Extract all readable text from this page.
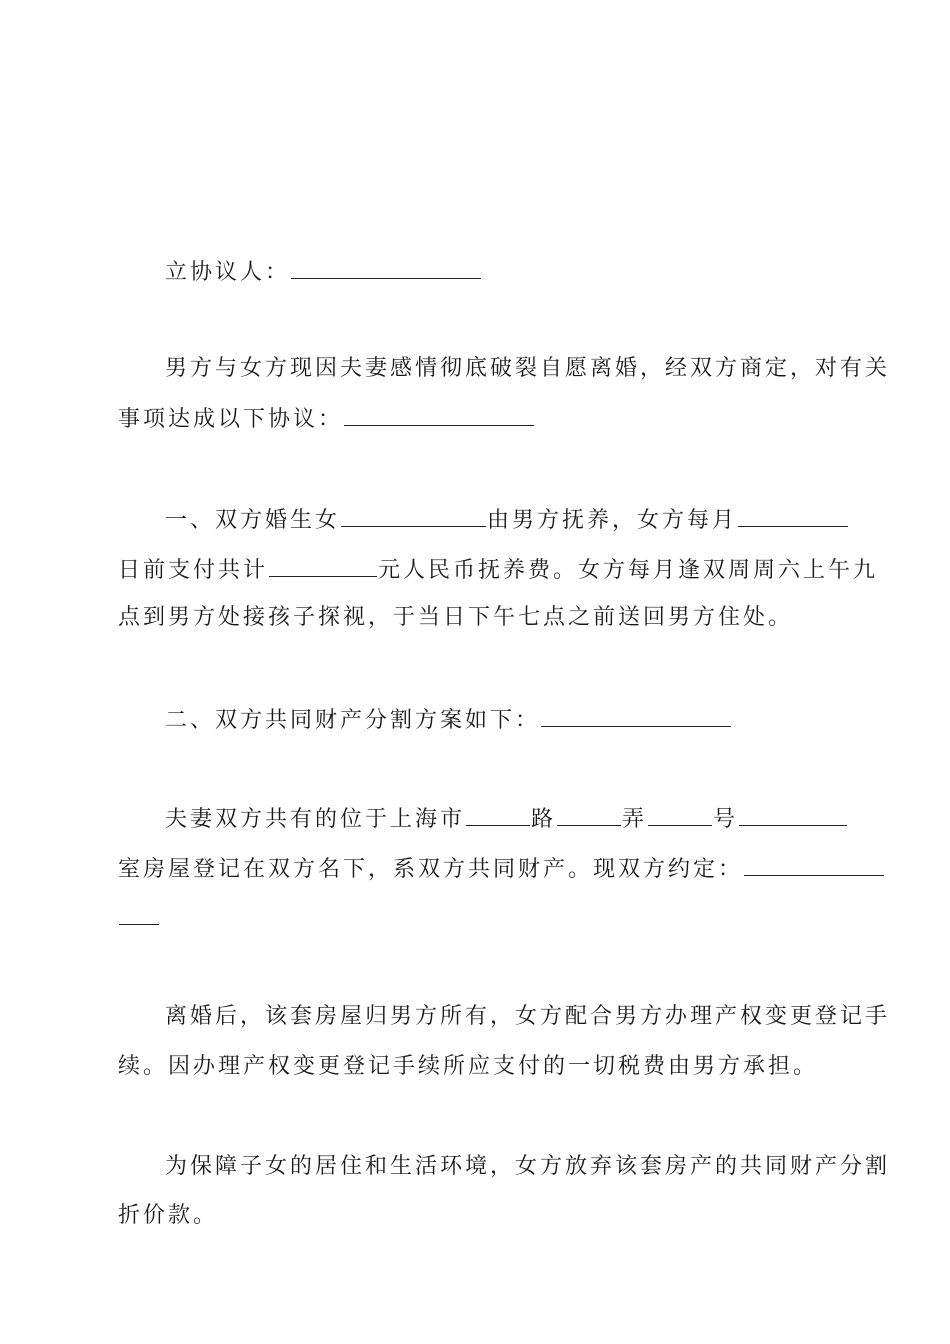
立协议人：
男方与女方现因夫妻感情彻底破裂自愿离婚，经双方商定，对有关
事项达成以下协议：
一、双方婚生女	由男方抚养，女方每月
日前支付共计	元人民币抚养费。女方每月逢双周周六上午九
点到男方处接孩子探视，于当日下午七点之前送回男方住处。
二、双方共同财产分割方案如下：
夫妻双方共有的位于上海市	路	弄	号
室房屋登记在双方名下，系双方共同财产。现双方约定：
离婚后，该套房屋归男方所有，女方配合男方办理产权变更登记手
续。因办理产权变更登记手续所应支付的一切税费由男方承担。
为保障子女的居住和生活环境，女方放弃该套房产的共同财产分割
折价款。
